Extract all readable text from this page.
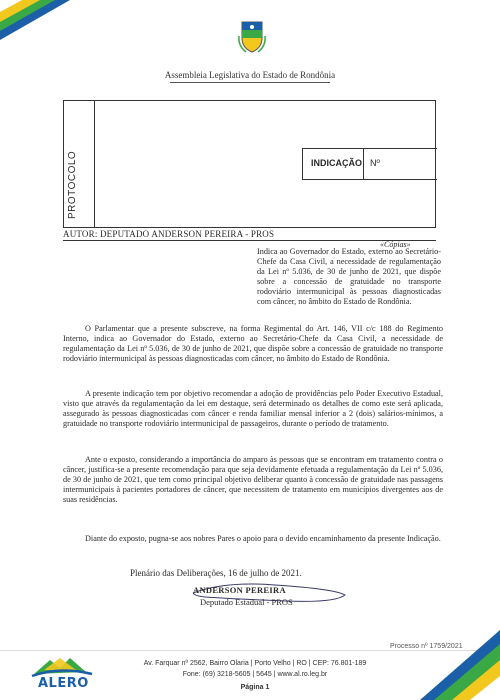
Assembleia Legislativa do Estado de Rondônia
PROTOCOLO	INDICAÇÃO Nº
AUTOR: DEPUTADO ANDERSON PEREIRA - PROS
«Cópias»
Indica ao Governador do Estado, externo ao Secretário-Chefe da Casa Civil, a necessidade de regulamentação da Lei nº 5.036, de 30 de junho de 2021, que dispõe sobre a concessão de gratuidade no transporte rodoviário intermunicipal às pessoas diagnosticadas com câncer, no âmbito do Estado de Rondônia.
O Parlamentar que a presente subscreve, na forma Regimental do Art. 146, VII c/c 188 do Regimento Interno, indica ao Governador do Estado, externo ao Secretário-Chefe da Casa Civil, a necessidade de regulamentação da Lei nº 5.036, de 30 de junho de 2021, que dispõe sobre a concessão de gratuidade no transporte rodoviário intermunicipal às pessoas diagnosticadas com câncer, no âmbito do Estado de Rondônia.
A presente indicação tem por objetivo recomendar a adoção de providências pelo Poder Executivo Estadual, visto que através da regulamentação da lei em destaque, será determinado os detalhes de como este será aplicada, assegurado às pessoas diagnosticadas com câncer e renda familiar mensal inferior a 2 (dois) salários-mínimos, a gratuidade no transporte rodoviário intermunicipal de passageiros, durante o período de tratamento.
Ante o exposto, considerando a importância do amparo às pessoas que se encontram em tratamento contra o câncer, justifica-se a presente recomendação para que seja devidamente efetuada a regulamentação da Lei nº 5.036, de 30 de junho de 2021, que tem como principal objetivo deliberar quanto à concessão de gratuidade nas passagens intermunicipais à pacientes portadores de câncer, que necessitem de tratamento em municípios divergentes aos de suas residências.
Diante do exposto, pugna-se aos nobres Pares o apoio para o devido encaminhamento da presente Indicação.
Plenário das Deliberações, 16 de julho de 2021.
ANDERSON PEREIRA
Deputado Estadual - PROS
Processo nº 1759/2021
ALERO
Av. Farquar nº 2562, Bairro Olaria | Porto Velho | RO | CEP: 76.801-189
Fone: (69) 3218-5605 | 5645 | www.al.ro.leg.br
Página 1
